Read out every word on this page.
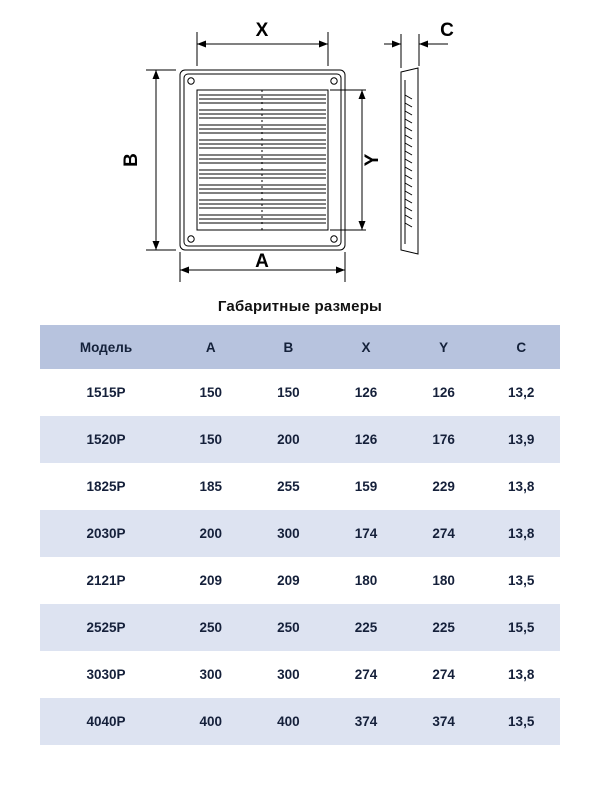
X
A
B	Y
C
Габаритные размеры
Модель	A	B	X	Y	C
1515Р	150	150	126	126	13,2
1520Р	150	200	126	176	13,9
1825Р	185	255	159	229	13,8
2030Р	200	300	174	274	13,8
2121Р	209	209	180	180	13,5
2525Р	250	250	225	225	15,5
3030Р	300	300	274	274	13,8
4040Р	400	400	374	374	13,5
